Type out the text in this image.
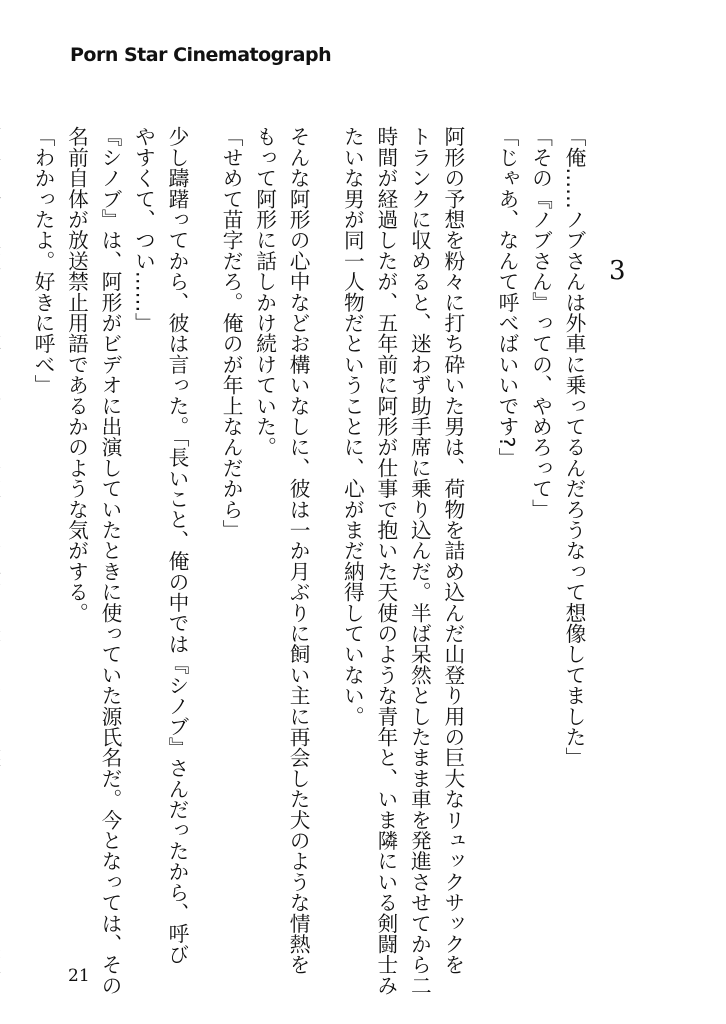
Porn Star Cinematograph
3

「俺……ノブさんは外車に乗ってるんだろうなって想像してました」

「その『ノブさん』っての、やめろって」

「じゃあ、なんて呼べばいいです?」

阿形の予想を粉々に打ち砕いた男は、荷物を詰め込んだ山登り用の巨大なリュックサックを

トランクに収めると、迷わず助手席に乗り込んだ。半ば呆然としたまま車を発進させてから二

時間が経過したが、五年前に阿形が仕事で抱いた天使のような青年と、いま隣にいる剣闘士み

たいな男が同一人物だということに、心がまだ納得していない。

そんな阿形の心中などお構いなしに、彼は一か月ぶりに飼い主に再会した犬のような情熱を

もって阿形に話しかけ続けていた。

「せめて苗字だろ。俺のが年上なんだから」

少し躊躇ってから、彼は言った。「長いこと、俺の中では『シノブ』さんだったから、呼び

やすくて、つい……」

『シノブ』は、阿形がビデオに出演していたときに使っていた源氏名だ。今となっては、その

名前自体が放送禁止用語であるかのような気がする。

「わかったよ。好きに呼べ」

21
